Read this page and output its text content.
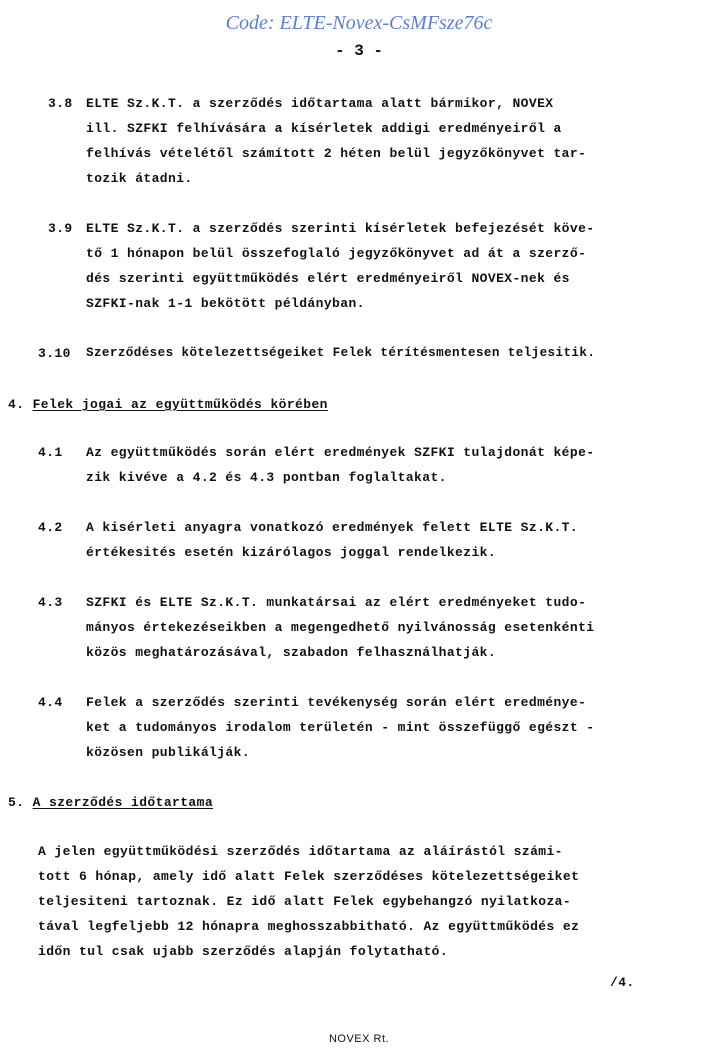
Code: ELTE-Novex-CsMFsze76c
- 3 -
3.8 ELTE Sz.K.T. a szerződés időtartama alatt bármikor, NOVEX
ill. SZFKI felhívására a kísérletek addigi eredményeiről a
felhívás vételétől számított 2 héten belül jegyzőkönyvet tar-
tozik átadni.
3.9 ELTE Sz.K.T. a szerződés szerinti kísérletek befejezését köve-
tő 1 hónapon belül összefoglaló jegyzőkönyvet ad át a szerző-
dés szerinti együttműködés elért eredményeiről NOVEX-nek és
SZFKI-nak 1-1 bekötött példányban.
3.10 Szerződéses kötelezettségeiket Felek térítésmentesen teljesitik.
4. Felek jogai az együttműködés körében
4.1 Az együttműködés során elért eredmények SZFKI tulajdonát képe-
zik kivéve a 4.2 és 4.3 pontban foglaltakat.
4.2 A kisérleti anyagra vonatkozó eredmények felett ELTE Sz.K.T.
értékesités esetén kizárólagos joggal rendelkezik.
4.3 SZFKI és ELTE Sz.K.T. munkatársai az elért eredményeket tudo-
mányos értekezéseikben a megengedhető nyilvánosság esetenkénti
közös meghatározásával, szabadon felhasználhatják.
4.4 Felek a szerződés szerinti tevékenység során elért eredménye-
ket a tudományos irodalom területén - mint összefüggő egészt -
közösen publikálják.
5. A szerződés időtartama
A jelen együttműködési szerződés időtartama az aláírástól számi-
tott 6 hónap, amely idő alatt Felek szerződéses kötelezettségeiket
teljesiteni tartoznak. Ez idő alatt Felek egybehangzó nyilatkoza-
tával legfeljebb 12 hónapra meghosszabbitható. Az együttműködés ez
időn tul csak ujabb szerződés alapján folytatható.
/4.
NOVEX Rt.
